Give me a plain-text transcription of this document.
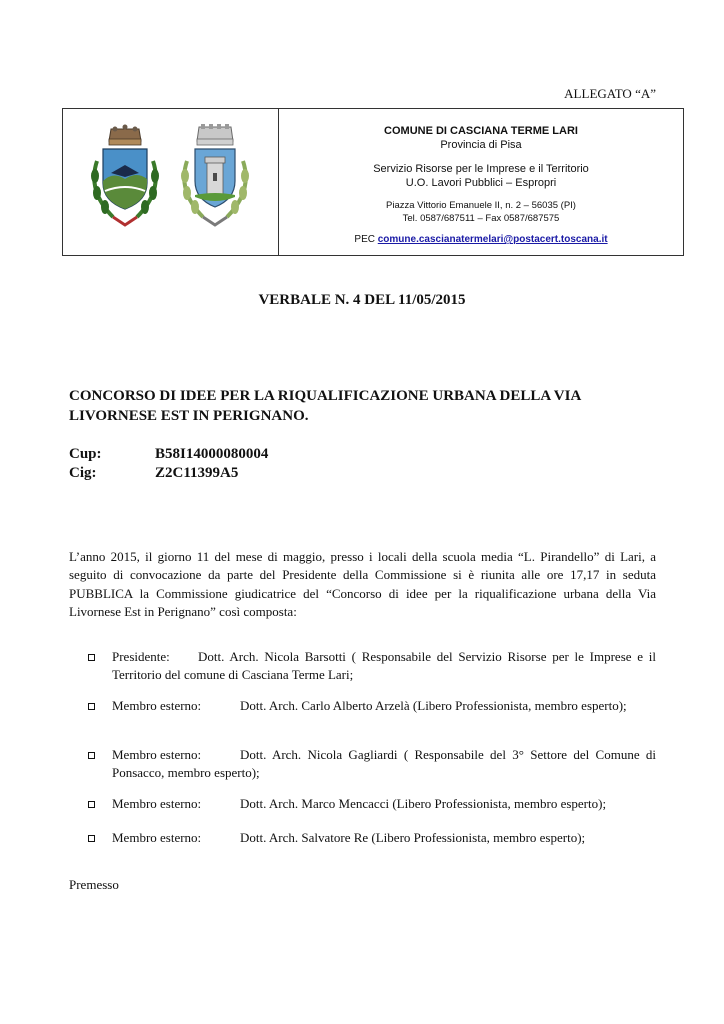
ALLEGATO “A”
COMUNE DI CASCIANA TERME LARI
Provincia di Pisa
Servizio Risorse per le Imprese e il Territorio
U.O. Lavori Pubblici – Espropri
Piazza Vittorio Emanuele II, n. 2 – 56035 (PI)
Tel. 0587/687511 – Fax 0587/687575
PEC comune.cascianatermelari@postacert.toscana.it
VERBALE N. 4 DEL 11/05/2015
CONCORSO DI IDEE PER LA RIQUALIFICAZIONE URBANA DELLA VIA LIVORNESE EST IN PERIGNANO.
Cup:	B58I14000080004
Cig:	Z2C11399A5
L’anno 2015, il giorno 11 del mese di maggio, presso i locali della scuola media “L. Pirandello” di Lari, a seguito di convocazione da parte del Presidente della Commissione si è riunita alle ore 17,17 in seduta PUBBLICA la Commissione giudicatrice del “Concorso di idee per la riqualificazione urbana della Via Livornese Est in Perignano” così composta:
Presidente: Dott. Arch. Nicola Barsotti ( Responsabile del Servizio Risorse per le Imprese e il Territorio del comune di Casciana Terme Lari;
Membro esterno:	Dott. Arch. Carlo Alberto Arzelà (Libero Professionista, membro esperto);
Membro esterno:	Dott. Arch. Nicola Gagliardi ( Responsabile del 3° Settore del Comune di Ponsacco, membro esperto);
Membro esterno:	Dott. Arch. Marco Mencacci (Libero Professionista, membro esperto);
Membro esterno:	Dott. Arch. Salvatore Re (Libero Professionista, membro esperto);
Premesso
